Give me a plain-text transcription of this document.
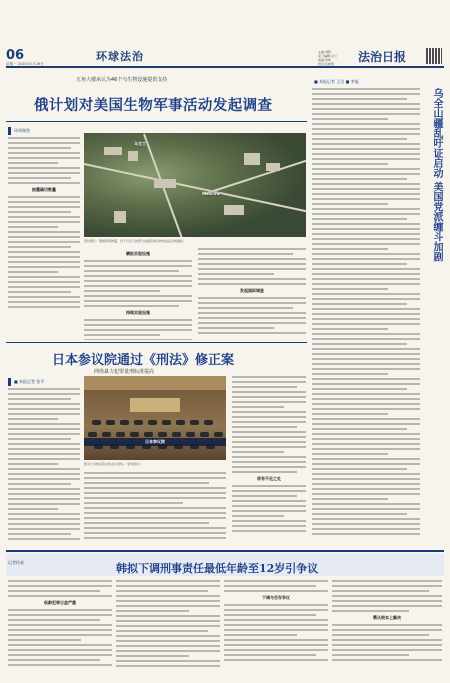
06
星期一 2025年5月26日
环球法治	主编:刘阳
见习编辑:文兰
美编:李鸣
校对:张晓明	法治日报
五角大楼承认为46个乌生物设施提供支持
俄计划对美国生物军事活动发起调查
环球聚焦
披露确切数量
乌克兰
Moscow
资料图片：俄国防部披露，位于乌克兰的部分美国资助生物实验室设施遗址。
瞒报实验设施
持续实验设施
发起国际调查
■ 本报记者 王沿 ■ 李旭
乌全山疆乱吁证启动 美国党派缠斗加剧
日本参议院通过《刑法》修正案
网络暴力犯罪量刑标准提高
■ 本报记者 张平
日本参议院
图为日本参议院全体会议现场。（资料图片）
将有不足之处
记者传真	韩拟下调刑事责任最低年龄至12岁引争议
低龄犯罪日益严重
下调与否存争议
需从根本上解决
